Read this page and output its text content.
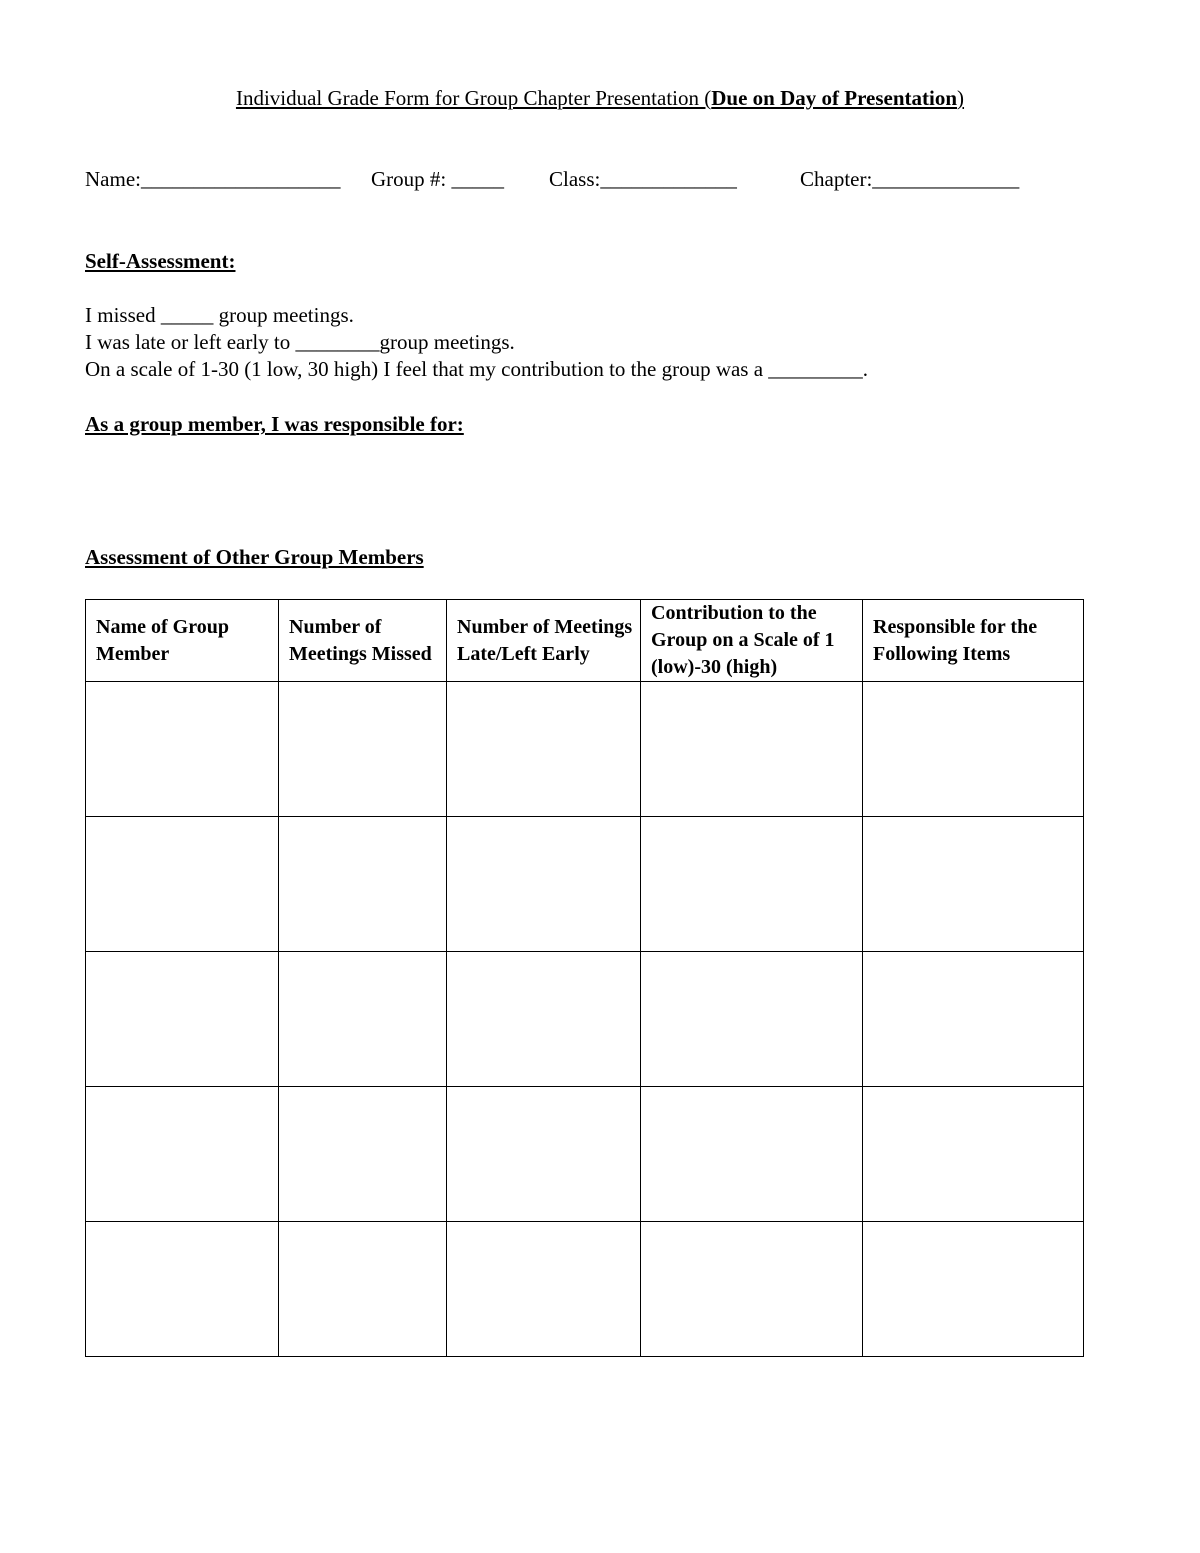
Individual Grade Form for Group Chapter Presentation (Due on Day of Presentation)
Name:___________________ Group #: _____ Class:_____________	Chapter:______________
Self-Assessment:
I missed _____ group meetings.
I was late or left early to ________group meetings.
On a scale of 1-30 (1 low, 30 high) I feel that my contribution to the group was a _________.
As a group member, I was responsible for:
Assessment of Other Group Members
Name of Group Member	Number of Meetings Missed	Number of Meetings Late/Left Early	Contribution to the Group on a Scale of 1 (low)-30 (high)	Responsible for the Following Items
